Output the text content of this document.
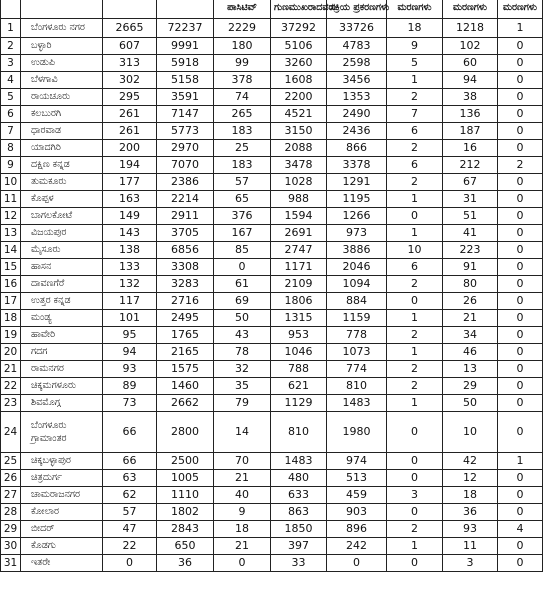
				ಪಾಸಿಟಿವ್	ಗುಣಮುಖರಾದವರು	ಸಕ್ರಿಯ ಪ್ರಕರಣಗಳು	ಮರಣಗಳು	ಮರಣಗಳು	ಮರಣಗಳು
1	ಬೆಂಗಳೂರು ನಗರ	2665	72237	2229	37292	33726	18	1218	1
2	ಬಳ್ಳಾರಿ	607	9991	180	5106	4783	9	102	0
3	ಉಡುಪಿ	313	5918	99	3260	2598	5	60	0
4	ಬೆಳಗಾವಿ	302	5158	378	1608	3456	1	94	0
5	ರಾಯಚೂರು	295	3591	74	2200	1353	2	38	0
6	ಕಲಬುರಗಿ	261	7147	265	4521	2490	7	136	0
7	ಧಾರವಾಡ	261	5773	183	3150	2436	6	187	0
8	ಯಾದಗಿರಿ	200	2970	25	2088	866	2	16	0
9	ದಕ್ಷಿಣ ಕನ್ನಡ	194	7070	183	3478	3378	6	212	2
10	ತುಮಕೂರು	177	2386	57	1028	1291	2	67	0
11	ಕೊಪ್ಪಳ	163	2214	65	988	1195	1	31	0
12	ಬಾಗಲಕೋಟೆ	149	2911	376	1594	1266	0	51	0
13	ವಿಜಯಪುರ	143	3705	167	2691	973	1	41	0
14	ಮೈಸೂರು	138	6856	85	2747	3886	10	223	0
15	ಹಾಸನ	133	3308	0	1171	2046	6	91	0
16	ದಾವಣಗೆರೆ	132	3283	61	2109	1094	2	80	0
17	ಉತ್ತರ ಕನ್ನಡ	117	2716	69	1806	884	0	26	0
18	ಮಂಡ್ಯ	101	2495	50	1315	1159	1	21	0
19	ಹಾವೇರಿ	95	1765	43	953	778	2	34	0
20	ಗದಗ	94	2165	78	1046	1073	1	46	0
21	ರಾಮನಗರ	93	1575	32	788	774	2	13	0
22	ಚಿಕ್ಕಮಗಳೂರು	89	1460	35	621	810	2	29	0
23	ಶಿವಮೊಗ್ಗ	73	2662	79	1129	1483	1	50	0
24	ಬೆಂಗಳೂರು ಗ್ರಾಮಾಂತರ	66	2800	14	810	1980	0	10	0
25	ಚಿಕ್ಕಬಳ್ಳಾಪುರ	66	2500	70	1483	974	0	42	1
26	ಚಿತ್ರದುರ್ಗ	63	1005	21	480	513	0	12	0
27	ಚಾಮರಾಜನಗರ	62	1110	40	633	459	3	18	0
28	ಕೋಲಾರ	57	1802	9	863	903	0	36	0
29	ಬೀದರ್	47	2843	18	1850	896	2	93	4
30	ಕೊಡಗು	22	650	21	397	242	1	11	0
31	ಇತರೇ	0	36	0	33	0	0	3	0
